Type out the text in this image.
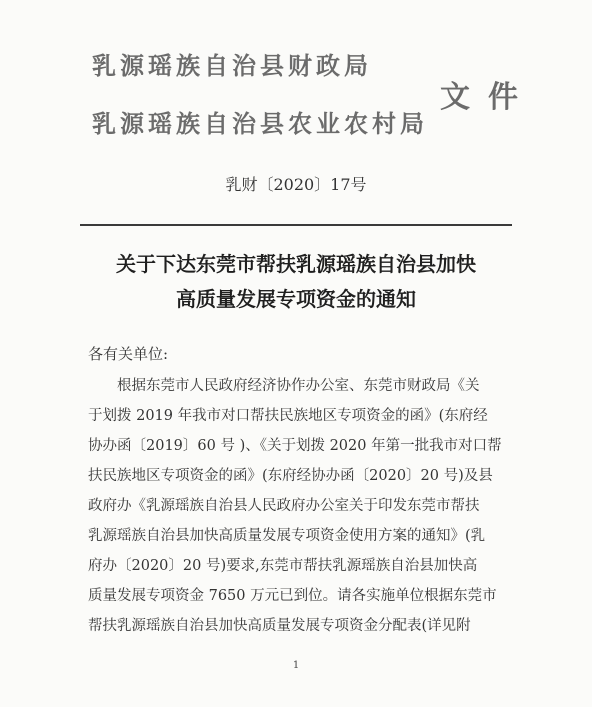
乳源瑶族自治县财政局
乳源瑶族自治县农业农村局
文件
乳财〔2020〕17号
关于下达东莞市帮扶乳源瑶族自治县加快
高质量发展专项资金的通知
各有关单位:
根据东莞市人民政府经济协作办公室、东莞市财政局《关
于划拨 2019 年我市对口帮扶民族地区专项资金的函》(东府经
协办函〔2019〕60 号 )、《关于划拨 2020 年第一批我市对口帮
扶民族地区专项资金的函》(东府经协办函〔2020〕20 号)及县
政府办《乳源瑶族自治县人民政府办公室关于印发东莞市帮扶
乳源瑶族自治县加快高质量发展专项资金使用方案的通知》(乳
府办〔2020〕20 号)要求,东莞市帮扶乳源瑶族自治县加快高
质量发展专项资金 7650 万元已到位。请各实施单位根据东莞市
帮扶乳源瑶族自治县加快高质量发展专项资金分配表(详见附
1
